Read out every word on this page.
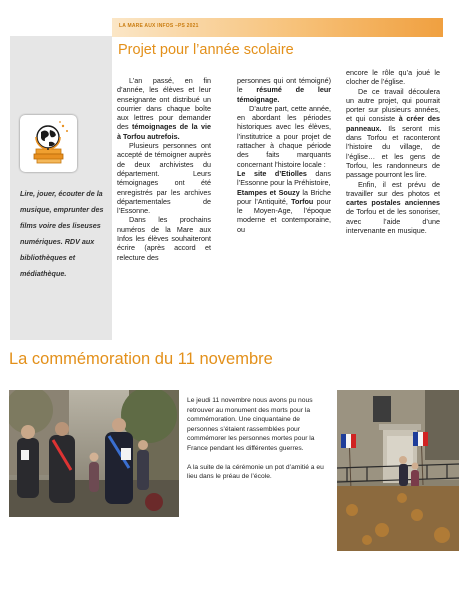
LA MARE AUX INFOS –PS 2021
Lire, jouer, écouter de la musique, emprunter des films voire des liseuses numériques. RDV aux bibliothèques et médiathèque.
Projet pour l’année scolaire

L’an passé, en fin d’année, les élèves et leur enseignante ont distribué un courrier dans chaque boîte aux lettres pour demander des témoignages de la vie à Torfou autrefois.

Plusieurs personnes ont accepté de témoigner auprès de deux archivistes du département. Leurs témoignages ont été enregistrés par les archives départementales de l’Essonne.

Dans les prochains numéros de la Mare aux Infos les élèves souhaiteront écrire (après accord et relecture des

personnes qui ont témoigné) le résumé de leur témoignage.

D’autre part, cette année, en abordant les périodes historiques avec les élèves, l’institutrice a pour projet de rattacher à chaque période des faits marquants concernant l’histoire locale :

Le site d’Etiolles dans l’Essonne pour la Préhistoire,

Etampes et Souzy la Briche pour l’Antiquité, Torfou pour le Moyen-Age, l’époque moderne et contemporaine, ou

encore le rôle qu’a joué le clocher de l’église.

De ce travail découlera un autre projet, qui pourrait porter sur plusieurs années, et qui consiste à créer des panneaux. Ils seront mis dans Torfou et raconteront l’histoire du village, de l’église… et les gens de Torfou, les randonneurs de passage pourront les lire.

Enfin, il est prévu de travailler sur des photos et cartes postales anciennes de Torfou et de les sonoriser, avec l’aide d’une intervenante en musique.

La commémoration du 11 novembre

Le jeudi 11 novembre nous avons pu nous retrouver au monument des morts pour la commémoration. Une cinquantaine de personnes s’étaient rassemblées pour commémorer les personnes mortes pour la France pendant les différentes guerres.

A la suite de la cérémonie un pot d’amitié a eu lieu dans le préau de l’école.
